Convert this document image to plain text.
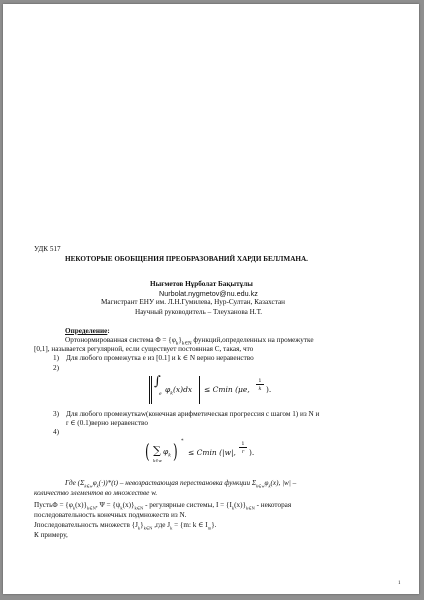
УДК 517
НЕКОТОРЫЕ ОБОБЩЕНИЯ ПРЕОБРАЗОВАНИЙ ХАРДИ БЕЛЛМАНА.
Нығметов Нұрболат Бақытұлы
Nurbolat.nygmetov@nu.edu.kz
Магистрант ЕНУ им. Л.Н.Гумилева, Нур-Султан, Казахстан
Научный руководитель – Тлеуханова Н.Т.
Определение:
Ортонормированная система $\Phi = \{\varphi_k\}_{k\in N}$ функций,определенных на промежутке
[0,1], называется регулярной, если существует постоянная C, такая, что
1) Для любого промежутка e из [0.1] и k ∈ N верно неравенство
2)
∫
e
$\varphi_k(x)dx \le Cmin$ (μe,
1
k ).
3) Для любого промежуткаw(конечная арифметическая прогрессия с шагом 1) из N и
r ∈ (0.1)верно неравенство
4)
( ∑
k∈w
$\varphi_k$ ) *
≤ Cmin (|w|,
1
r ).
Где $(\Sigma_{k\in w}\varphi_k(\cdot))*(t)$ – невозрастающая перестановка функции $\Sigma_{k\in w}\varphi_k(x)$, |w| –
количество элементов во множестве w.
ПустьΦ = $\{\varphi_k(x)\}_{k\in N}$, $\Psi = \{\psi_k(x)\}_{k\in N}$ - регулярные системы, $I = \{I_k(x)\}_{k\in N}$ - некоторая
последовательность конечных подмножеств из N.
Jпоследовательность множеств $\{J_k\}_{k\in N}$ ,где $J_k = \{m$: k ∈ $I_m$}.
К примеру,
1
